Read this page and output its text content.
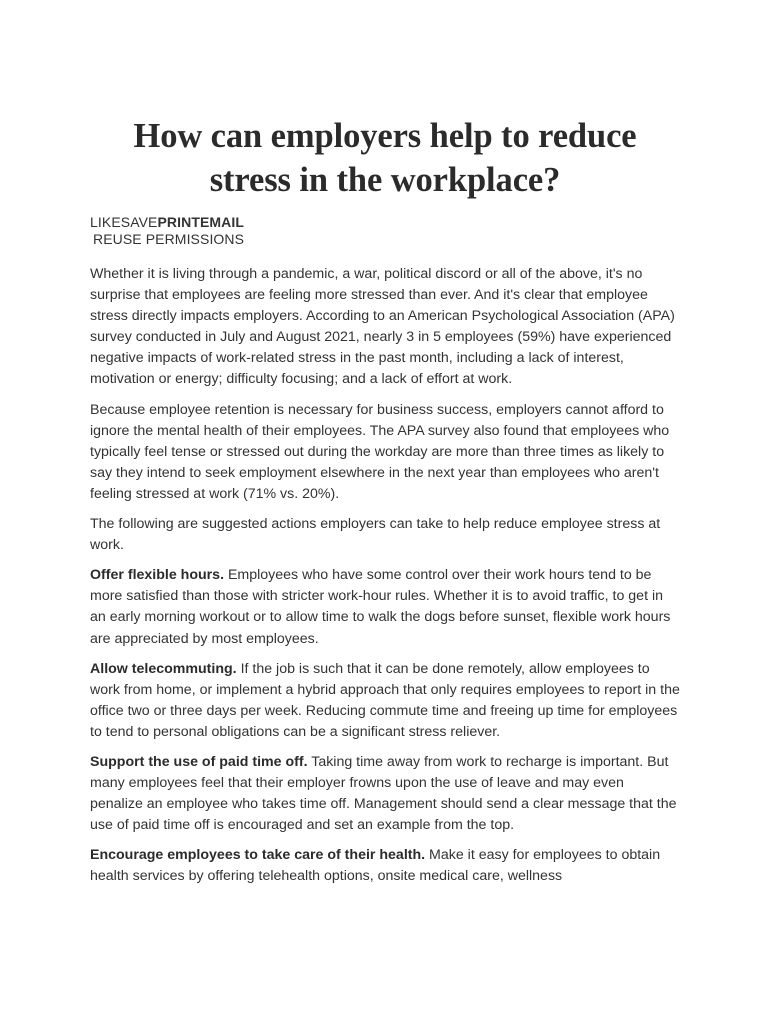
How can employers help to reduce stress in the workplace?
LIKESAVEPRINTEMAIL
REUSE PERMISSIONS

Whether it is living through a pandemic, a war, political discord or all of the above, it's no surprise that employees are feeling more stressed than ever. And it's clear that employee stress directly impacts employers. According to an American Psychological Association (APA) survey conducted in July and August 2021, nearly 3 in 5 employees (59%) have experienced negative impacts of work-related stress in the past month, including a lack of interest, motivation or energy; difficulty focusing; and a lack of effort at work.

Because employee retention is necessary for business success, employers cannot afford to ignore the mental health of their employees. The APA survey also found that employees who typically feel tense or stressed out during the workday are more than three times as likely to say they intend to seek employment elsewhere in the next year than employees who aren't feeling stressed at work (71% vs. 20%).

The following are suggested actions employers can take to help reduce employee stress at work.

Offer flexible hours. Employees who have some control over their work hours tend to be more satisfied than those with stricter work-hour rules. Whether it is to avoid traffic, to get in an early morning workout or to allow time to walk the dogs before sunset, flexible work hours are appreciated by most employees.

Allow telecommuting. If the job is such that it can be done remotely, allow employees to work from home, or implement a hybrid approach that only requires employees to report in the office two or three days per week. Reducing commute time and freeing up time for employees to tend to personal obligations can be a significant stress reliever.

Support the use of paid time off. Taking time away from work to recharge is important. But many employees feel that their employer frowns upon the use of leave and may even penalize an employee who takes time off. Management should send a clear message that the use of paid time off is encouraged and set an example from the top.

Encourage employees to take care of their health. Make it easy for employees to obtain health services by offering telehealth options, onsite medical care, wellness
